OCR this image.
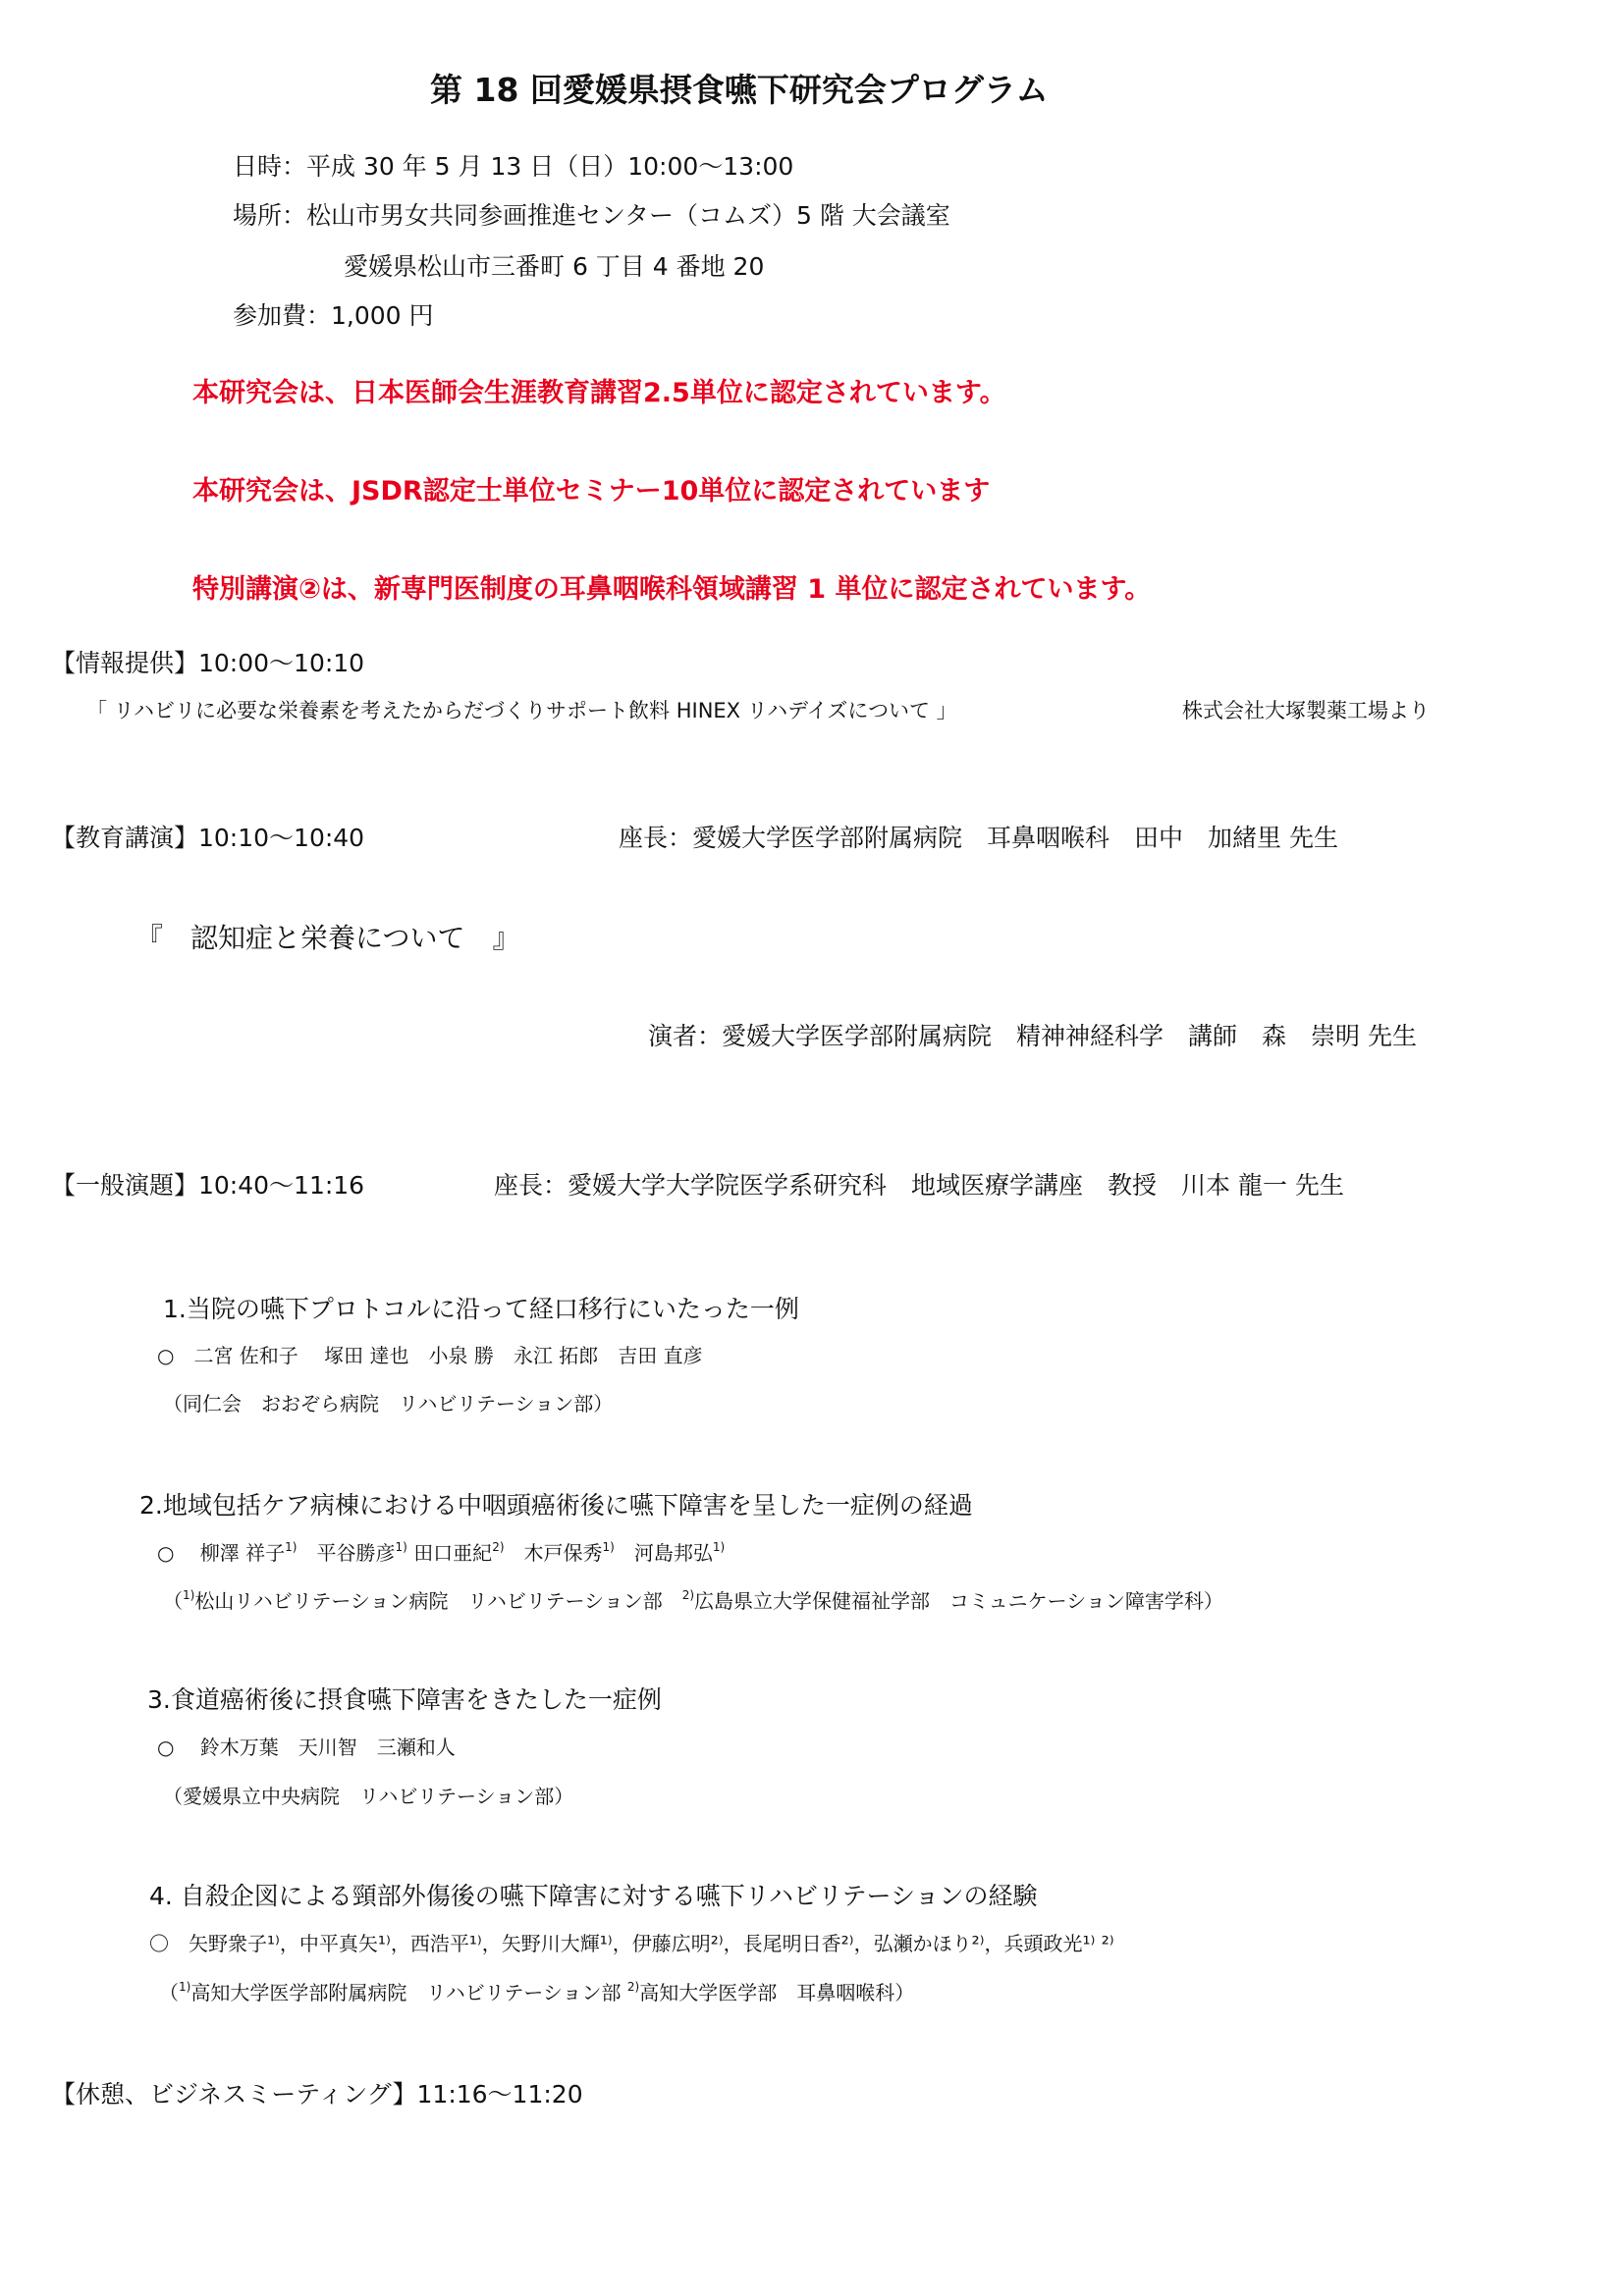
第 18 回愛媛県摂食嚥下研究会プログラム
日時：平成 30 年 5 月 13 日（日）10:00～13:00
場所：松山市男女共同参画推進センター（コムズ）5 階 大会議室
愛媛県松山市三番町 6 丁目 4 番地 20
参加費：1,000 円
本研究会は、日本医師会生涯教育講習2.5単位に認定されています。
本研究会は、JSDR認定士単位セミナー10単位に認定されています
特別講演②は、新専門医制度の耳鼻咽喉科領域講習 1 単位に認定されています。
【情報提供】10:00～10:10
「 リハビリに必要な栄養素を考えたからだづくりサポート飲料 HINEX リハデイズについて 」	株式会社大塚製薬工場より
【教育講演】10:10～10:40	座長：愛媛大学医学部附属病院　耳鼻咽喉科　田中　加緒里 先生
『　認知症と栄養について　』
演者：愛媛大学医学部附属病院　精神神経科学　講師　森　崇明 先生
【一般演題】10:40～11:16	座長：愛媛大学大学院医学系研究科　地域医療学講座　教授　川本 龍一 先生
1.当院の嚥下プロトコルに沿って経口移行にいたった一例
○　二宮 佐和子　 塚田 達也　小泉 勝　永江 拓郎　吉田 直彦
（同仁会　おおぞら病院　リハビリテーション部）
2.地域包括ケア病棟における中咽頭癌術後に嚥下障害を呈した一症例の経過
○　 柳澤 祥子$^{1)}$　平谷勝彦$^{1)}$ 田口亜紀$^{2)}$　木戸保秀$^{1)}$　河島邦弘$^{1)}$
（$^{1)}$松山リハビリテーション病院　リハビリテーション部　$^{2)}$広島県立大学保健福祉学部　コミュニケーション障害学科）
3.食道癌術後に摂食嚥下障害をきたした一症例
○　 鈴木万葉　天川智　三瀬和人
（愛媛県立中央病院　リハビリテーション部）
4. 自殺企図による頸部外傷後の嚥下障害に対する嚥下リハビリテーションの経験
〇　矢野衆子¹⁾，中平真矢¹⁾，西浩平¹⁾，矢野川大輝¹⁾，伊藤広明²⁾，長尾明日香²⁾，弘瀬かほり²⁾，兵頭政光¹⁾ ²⁾
（$^{1)}$高知大学医学部附属病院　リハビリテーション部 $^{2)}$高知大学医学部　耳鼻咽喉科）
【休憩、ビジネスミーティング】11:16～11:20
